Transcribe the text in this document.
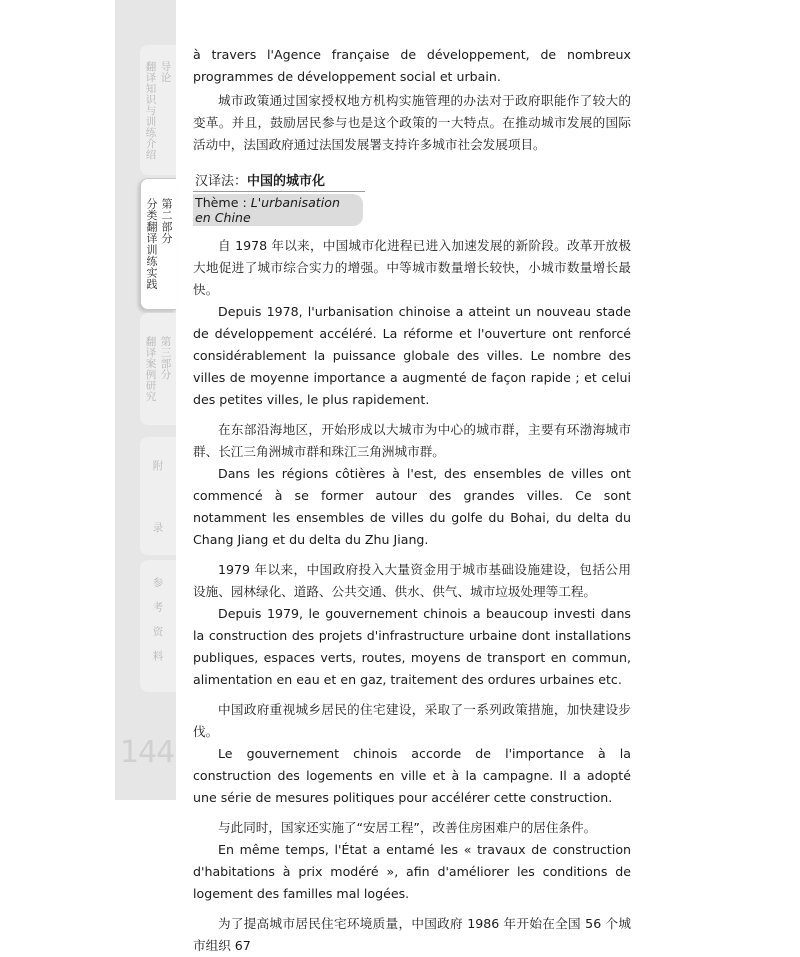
导论
翻译知识与训练介绍
第二部分
分类翻译训练实践
第三部分
翻译案例研究
附
录
参考资料
144

à travers l'Agence française de développement, de nombreux programmes de développement social et urbain.

城市政策通过国家授权地方机构实施管理的办法对于政府职能作了较大的变革。并且，鼓励居民参与也是这个政策的一大特点。在推动城市发展的国际活动中，法国政府通过法国发展署支持许多城市社会发展项目。

汉译法：中国的城市化
Thème : L'urbanisation en Chine

自 1978 年以来，中国城市化进程已进入加速发展的新阶段。改革开放极大地促进了城市综合实力的增强。中等城市数量增长较快，小城市数量增长最快。

Depuis 1978, l'urbanisation chinoise a atteint un nouveau stade de développement accéléré. La réforme et l'ouverture ont renforcé considérablement la puissance globale des villes. Le nombre des villes de moyenne importance a augmenté de façon rapide ; et celui des petites villes, le plus rapidement.

在东部沿海地区，开始形成以大城市为中心的城市群，主要有环渤海城市群、长江三角洲城市群和珠江三角洲城市群。

Dans les régions côtières à l'est, des ensembles de villes ont commencé à se former autour des grandes villes. Ce sont notamment les ensembles de villes du golfe du Bohai, du delta du Chang Jiang et du delta du Zhu Jiang.

1979 年以来，中国政府投入大量资金用于城市基础设施建设，包括公用设施、园林绿化、道路、公共交通、供水、供气、城市垃圾处理等工程。

Depuis 1979, le gouvernement chinois a beaucoup investi dans la construction des projets d'infrastructure urbaine dont installations publiques, espaces verts, routes, moyens de transport en commun, alimentation en eau et en gaz, traitement des ordures urbaines etc.

中国政府重视城乡居民的住宅建设，采取了一系列政策措施，加快建设步伐。

Le gouvernement chinois accorde de l'importance à la construction des logements en ville et à la campagne. Il a adopté une série de mesures politiques pour accélérer cette construction.

与此同时，国家还实施了“安居工程”，改善住房困难户的居住条件。

En même temps, l'État a entamé les « travaux de construction d'habitations à prix modéré », afin d'améliorer les conditions de logement des familles mal logées.

为了提高城市居民住宅环境质量，中国政府 1986 年开始在全国 56 个城市组织 67
